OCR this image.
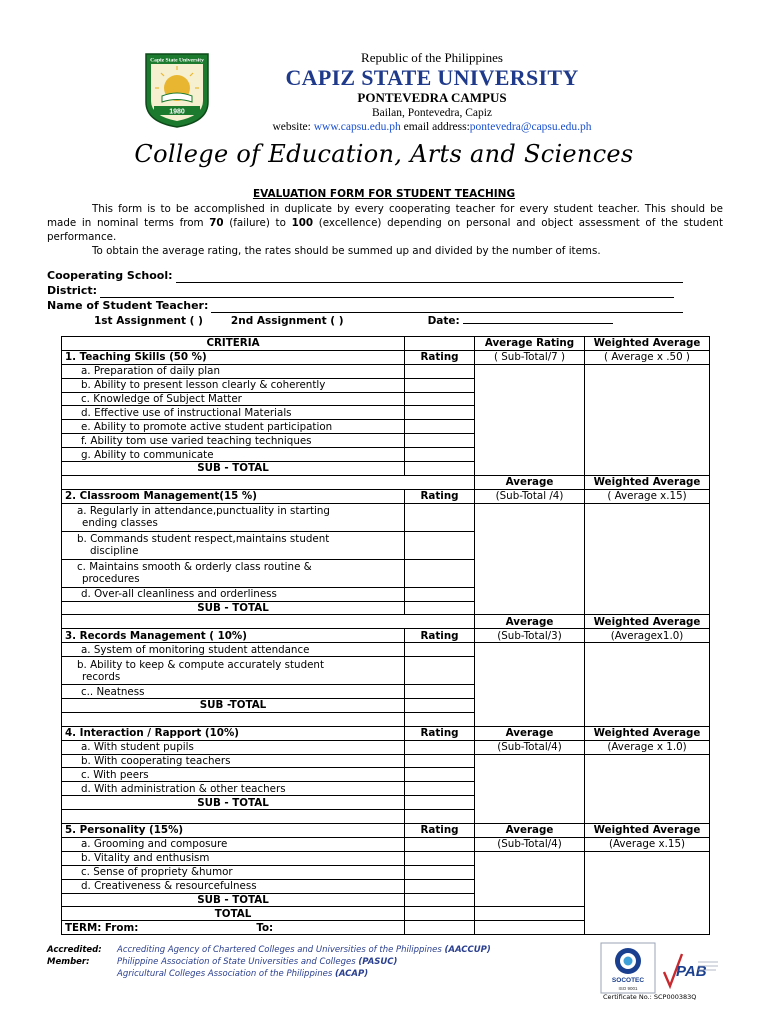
Capiz State University
1980
Republic of the Philippines
CAPIZ STATE UNIVERSITY
PONTEVEDRA CAMPUS
Bailan, Pontevedra, Capiz
website: www.capsu.edu.ph email address:pontevedra@capsu.edu.ph
College of Education, Arts and Sciences
EVALUATION FORM FOR STUDENT TEACHING

This form is to be accomplished in duplicate by every cooperating teacher for every student teacher. This should be made in nominal terms from 70 (failure) to 100 (excellence) depending on personal and object assessment of the student performance.

To obtain the average rating, the rates should be summed up and divided by the number of items.

Cooperating School:
District:
Name of Student Teacher:
1st Assignment ( )	2nd Assignment ( )	Date:
CRITERIA		Average Rating	Weighted Average
1. Teaching Skills (50 %)	Rating	( Sub-Total/7 )	( Average x .50 )
a. Preparation of daily plan			
b. Ability to present lesson clearly & coherently			
c. Knowledge of Subject Matter			
d. Effective use of instructional Materials			
e. Ability to promote active student participation			
f. Ability tom use varied teaching techniques			
g. Ability to communicate			
SUB - TOTAL			
		Average	Weighted Average
2. Classroom Management(15 %)	Rating	(Sub-Total /4)	( Average x.15)

a. Regularly in attendance,punctuality in starting
ending classes			

b. Commands student respect,maintains student
discipline			

c. Maintains smooth & orderly class routine &
procedures			

d. Over-all cleanliness and orderliness			
SUB - TOTAL			
		Average	Weighted Average
3. Records Management ( 10%)	Rating	(Sub-Total/3)	(Averagex1.0)
a. System of monitoring student attendance			

b. Ability to keep & compute accurately student
records			

c.. Neatness			
SUB -TOTAL			

4. Interaction / Rapport (10%)	Rating	Average	Weighted Average
a. With student pupils		(Sub-Total/4)	(Average x 1.0)
b. With cooperating teachers			
c. With peers			
d. With administration & other teachers			
SUB - TOTAL			

5. Personality (15%)	Rating	Average	Weighted Average
a. Grooming and composure		(Sub-Total/4)	(Average x.15)
b. Vitality and enthusism			
c. Sense of propriety &humor			
d. Creativeness & resourcefulness			
SUB - TOTAL			
TOTAL			
TERM: From: To:			
Accredited: Accrediting Agency of Chartered Colleges and Universities of the Philippines (AACCUP)
Member:	Philippine Association of State Universities and Colleges (PASUC)
Agricultural Colleges Association of the Philippines (ACAP)
SOCOTEC
ISO 9001
PAB
Certificate No.: SCP000383Q
